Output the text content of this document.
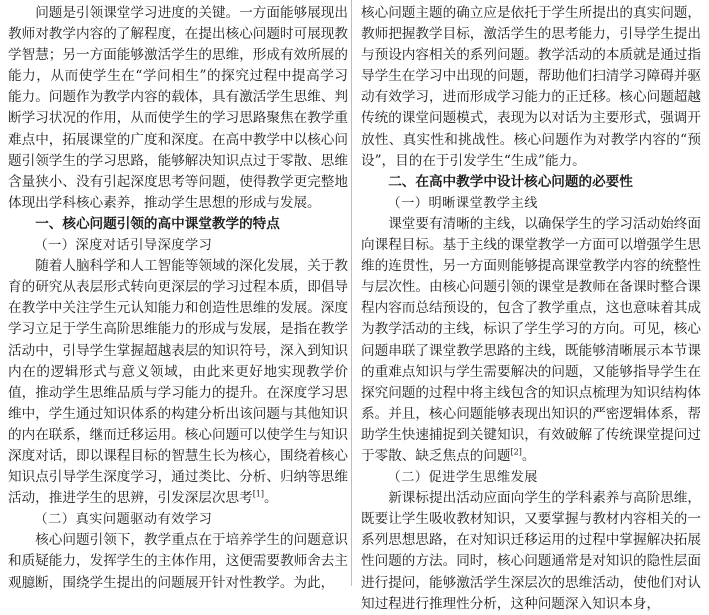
问题是引领课堂学习进度的关键。一方面能够展现出教师对教学内容的了解程度，在提出核心问题时可展现教学智慧；另一方面能够激活学生的思维，形成有效所展的能力，从而使学生在“学问相生”的探究过程中提高学习能力。问题作为教学内容的载体，具有激活学生思维、判断学习状况的作用，从而使学生的学习思路聚焦在教学重难点中，拓展课堂的广度和深度。在高中教学中以核心问题引领学生的学习思路，能够解决知识点过于零散、思维含量狭小、没有引起深度思考等问题，使得教学更完整地体现出学科核心素养，推动学生思想的形成与发展。

一、核心问题引领的高中课堂教学的特点
（一）深度对话引导深度学习

随着人脑科学和人工智能等领域的深化发展，关于教育的研究从表层形式转向更深层的学习过程本质，即倡导在教学中关注学生元认知能力和创造性思维的发展。深度学习立足于学生高阶思维能力的形成与发展，是指在教学活动中，引导学生掌握超越表层的知识符号，深入到知识内在的逻辑形式与意义领域，由此来更好地实现教学价值，推动学生思维品质与学习能力的提升。在深度学习思维中，学生通过知识体系的构建分析出该问题与其他知识的内在联系，继而迁移运用。核心问题可以使学生与知识深度对话，即以课程目标的智慧生长为核心，围绕着核心知识点引导学生深度学习，通过类比、分析、归纳等思维活动，推进学生的思辨，引发深层次思考[1]。

（二）真实问题驱动有效学习

核心问题引领下，教学重点在于培养学生的问题意识和质疑能力，发挥学生的主体作用，这便需要教师舍去主观臆断，围绕学生提出的问题展开针对性教学。为此，

核心问题主题的确立应是依托于学生所提出的真实问题，教师把握教学目标，激活学生的思考能力，引导学生提出与预设内容相关的系列问题。教学活动的本质就是通过指导学生在学习中出现的问题，帮助他们扫清学习障碍并驱动有效学习，进而形成学习能力的正迁移。核心问题超越传统的课堂问题模式，表现为以对话为主要形式，强调开放性、真实性和挑战性。核心问题作为对教学内容的“预设”，目的在于引发学生“生成”能力。

二、在高中教学中设计核心问题的必要性
（一）明晰课堂教学主线

课堂要有清晰的主线，以确保学生的学习活动始终面向课程目标。基于主线的课堂教学一方面可以增强学生思维的连贯性，另一方面则能够提高课堂教学内容的统整性与层次性。由核心问题引领的课堂是教师在备课时整合课程内容而总结预设的，包含了教学重点，这也意味着其成为教学活动的主线，标识了学生学习的方向。可见，核心问题串联了课堂教学思路的主线，既能够清晰展示本节课的重难点知识与学生需要解决的问题，又能够指导学生在探究问题的过程中将主线包含的知识点梳理为知识结构体系。并且，核心问题能够表现出知识的严密逻辑体系，帮助学生快速捕捉到关键知识，有效破解了传统课堂提问过于零散、缺乏焦点的问题[2]。

（二）促进学生思维发展

新课标提出活动应面向学生的学科素养与高阶思维，既要让学生吸收教材知识，又要掌握与教材内容相关的一系列思想思路，在对知识迁移运用的过程中掌握解决拓展性问题的方法。同时，核心问题通常是对知识的隐性层面进行提问，能够激活学生深层次的思维活动，使他们对认知过程进行推理性分析，这种问题深入知识本身，
